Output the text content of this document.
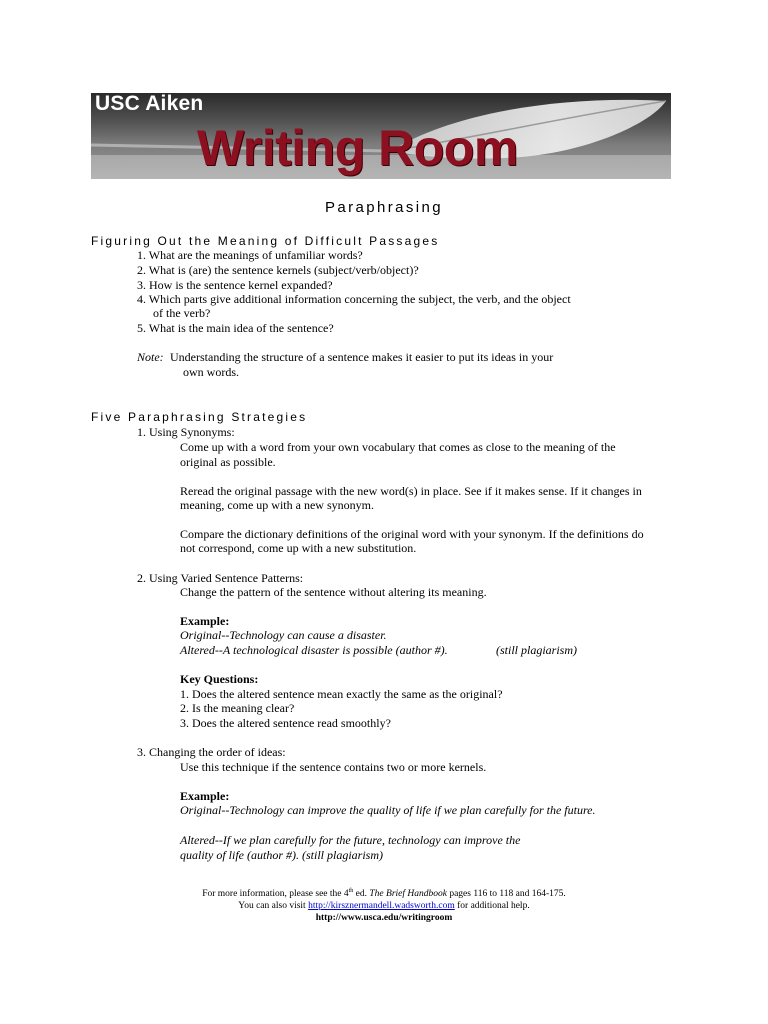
USC Aiken
Writing Room
Paraphrasing
Figuring Out the Meaning of Difficult Passages
1. What are the meanings of unfamiliar words?
2. What is (are) the sentence kernels (subject/verb/object)?
3. How is the sentence kernel expanded?
4. Which parts give additional information concerning the subject, the verb, and the object
of the verb?
5. What is the main idea of the sentence?
Note: Understanding the structure of a sentence makes it easier to put its ideas in your
own words.
Five Paraphrasing Strategies
1. Using Synonyms:
Come up with a word from your own vocabulary that comes as close to the meaning of the
original as possible.
Reread the original passage with the new word(s) in place. See if it makes sense. If it changes in
meaning, come up with a new synonym.
Compare the dictionary definitions of the original word with your synonym. If the definitions do
not correspond, come up with a new substitution.
2. Using Varied Sentence Patterns:
Change the pattern of the sentence without altering its meaning.
Example:
Original--Technology can cause a disaster.
Altered--A technological disaster is possible (author #).	(still plagiarism)
Key Questions:
1. Does the altered sentence mean exactly the same as the original?
2. Is the meaning clear?
3. Does the altered sentence read smoothly?
3. Changing the order of ideas:
Use this technique if the sentence contains two or more kernels.
Example:
Original--Technology can improve the quality of life if we plan carefully for the future.
Altered--If we plan carefully for the future, technology can improve the
quality of life (author #). (still plagiarism)
For more information, please see the 4th ed. The Brief Handbook pages 116 to 118 and 164-175.
You can also visit http://kirsznermandell.wadsworth.com for additional help.
http://www.usca.edu/writingroom
